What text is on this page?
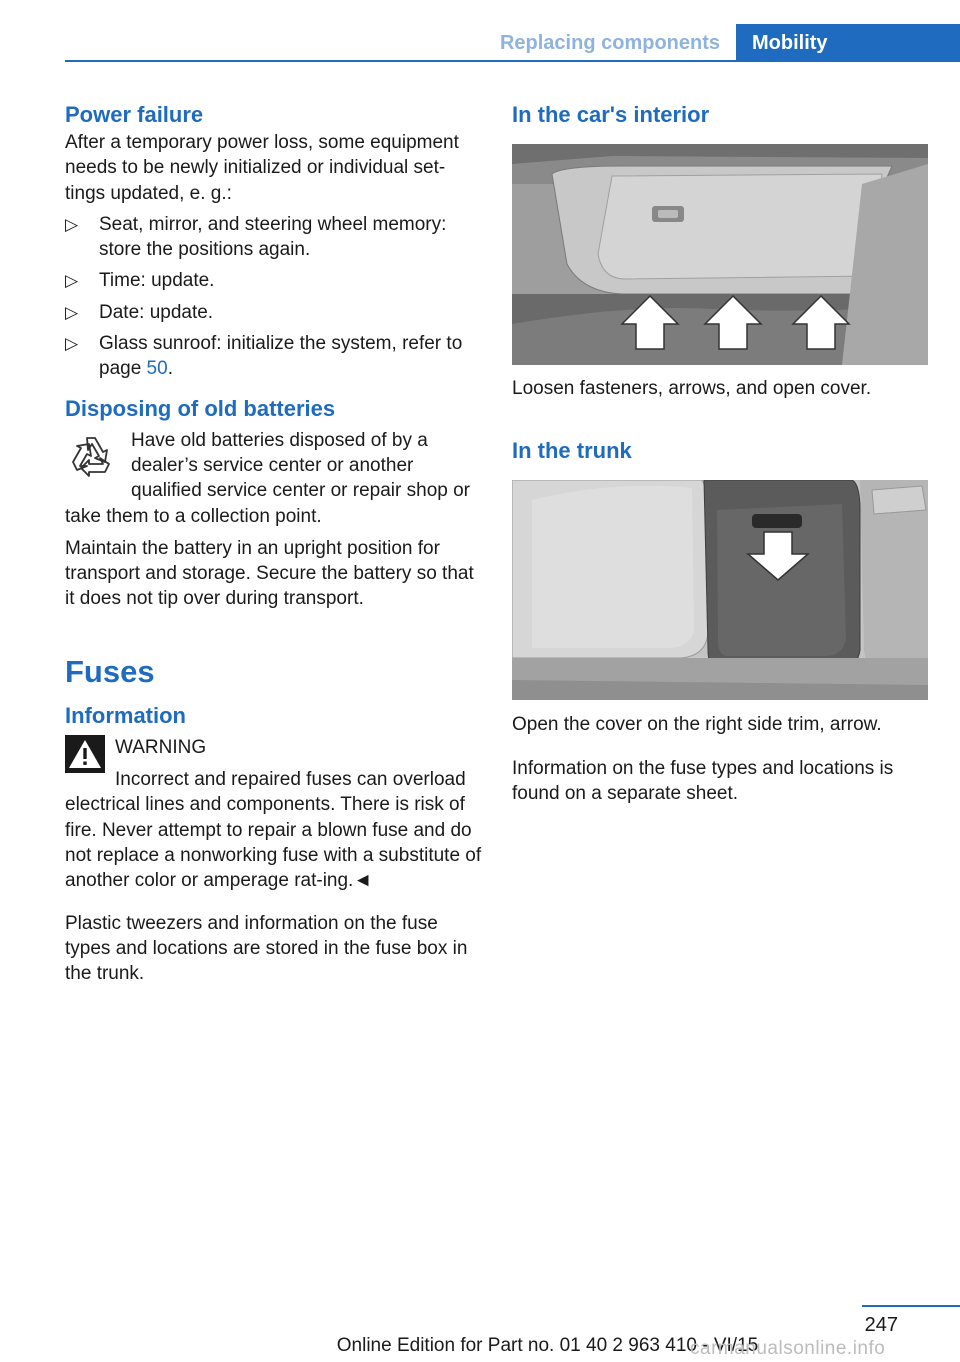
Replacing components	Mobility
Power failure

After a temporary power loss, some equipment needs to be newly initialized or individual set‐tings updated, e. g.:

▷ Seat, mirror, and steering wheel memory: store the positions again.
▷ Time: update.
▷ Date: update.
▷ Glass sunroof: initialize the system, refer to page 50.
Disposing of old batteries

Have old batteries disposed of by a dealer’s service center or another qualified service center or repair shop or take them to a collection point.

Maintain the battery in an upright position for transport and storage. Secure the battery so that it does not tip over during transport.

Fuses
Information

WARNING

Incorrect and repaired fuses can overload electrical lines and components. There is risk of fire. Never attempt to repair a blown fuse and do not replace a nonworking fuse with a substitute of another color or amperage rat‐ing.◄

Plastic tweezers and information on the fuse types and locations are stored in the fuse box in the trunk.

In the car's interior

Loosen fasteners, arrows, and open cover.

In the trunk

Open the cover on the right side trim, arrow.

Information on the fuse types and locations is found on a separate sheet.

247
Online Edition for Part no. 01 40 2 963 410 - VI/15
carmanualsonline.info
